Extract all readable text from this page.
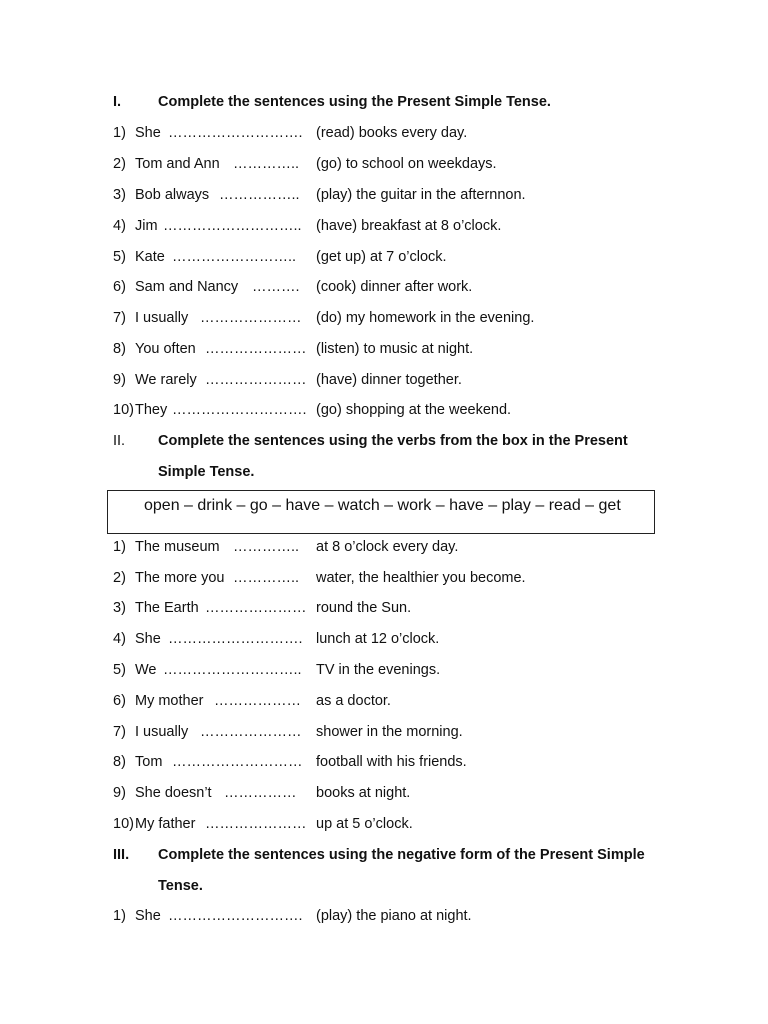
I.	Complete the sentences using the Present Simple Tense.
1) She ………………………. (read) books every day.
2) Tom and Ann ………….. (go) to school on weekdays.
3) Bob always …………….. (play) the guitar in the afternnon.
4) Jim ……………………….. (have) breakfast at 8 o’clock.
5) Kate …………………….. (get up) at 7 o’clock.
6) Sam and Nancy ………. (cook) dinner after work.
7) I usually ………………… (do) my homework in the evening.
8) You often ………………… (listen) to music at night.
9) We rarely ………………… (have) dinner together.
10) They ………………………. (go) shopping at the weekend.
II. Complete the sentences using the verbs from the box in the Present
Simple Tense.
open – drink – go – have – watch – work – have – play – read – get
1) The museum ………….. at 8 o’clock every day.
2) The more you ………….. water, the healthier you become.
3) The Earth ………………… round the Sun.
4) She ………………………. lunch at 12 o’clock.
5) We ……………………….. TV in the evenings.
6) My mother ……………… as a doctor.
7) I usually ………………… shower in the morning.
8) Tom ……………………… football with his friends.
9) She doesn’t …………… books at night.
10) My father ………………… up at 5 o’clock.
III. Complete the sentences using the negative form of the Present Simple
Tense.
1) She ………………………. (play) the piano at night.
